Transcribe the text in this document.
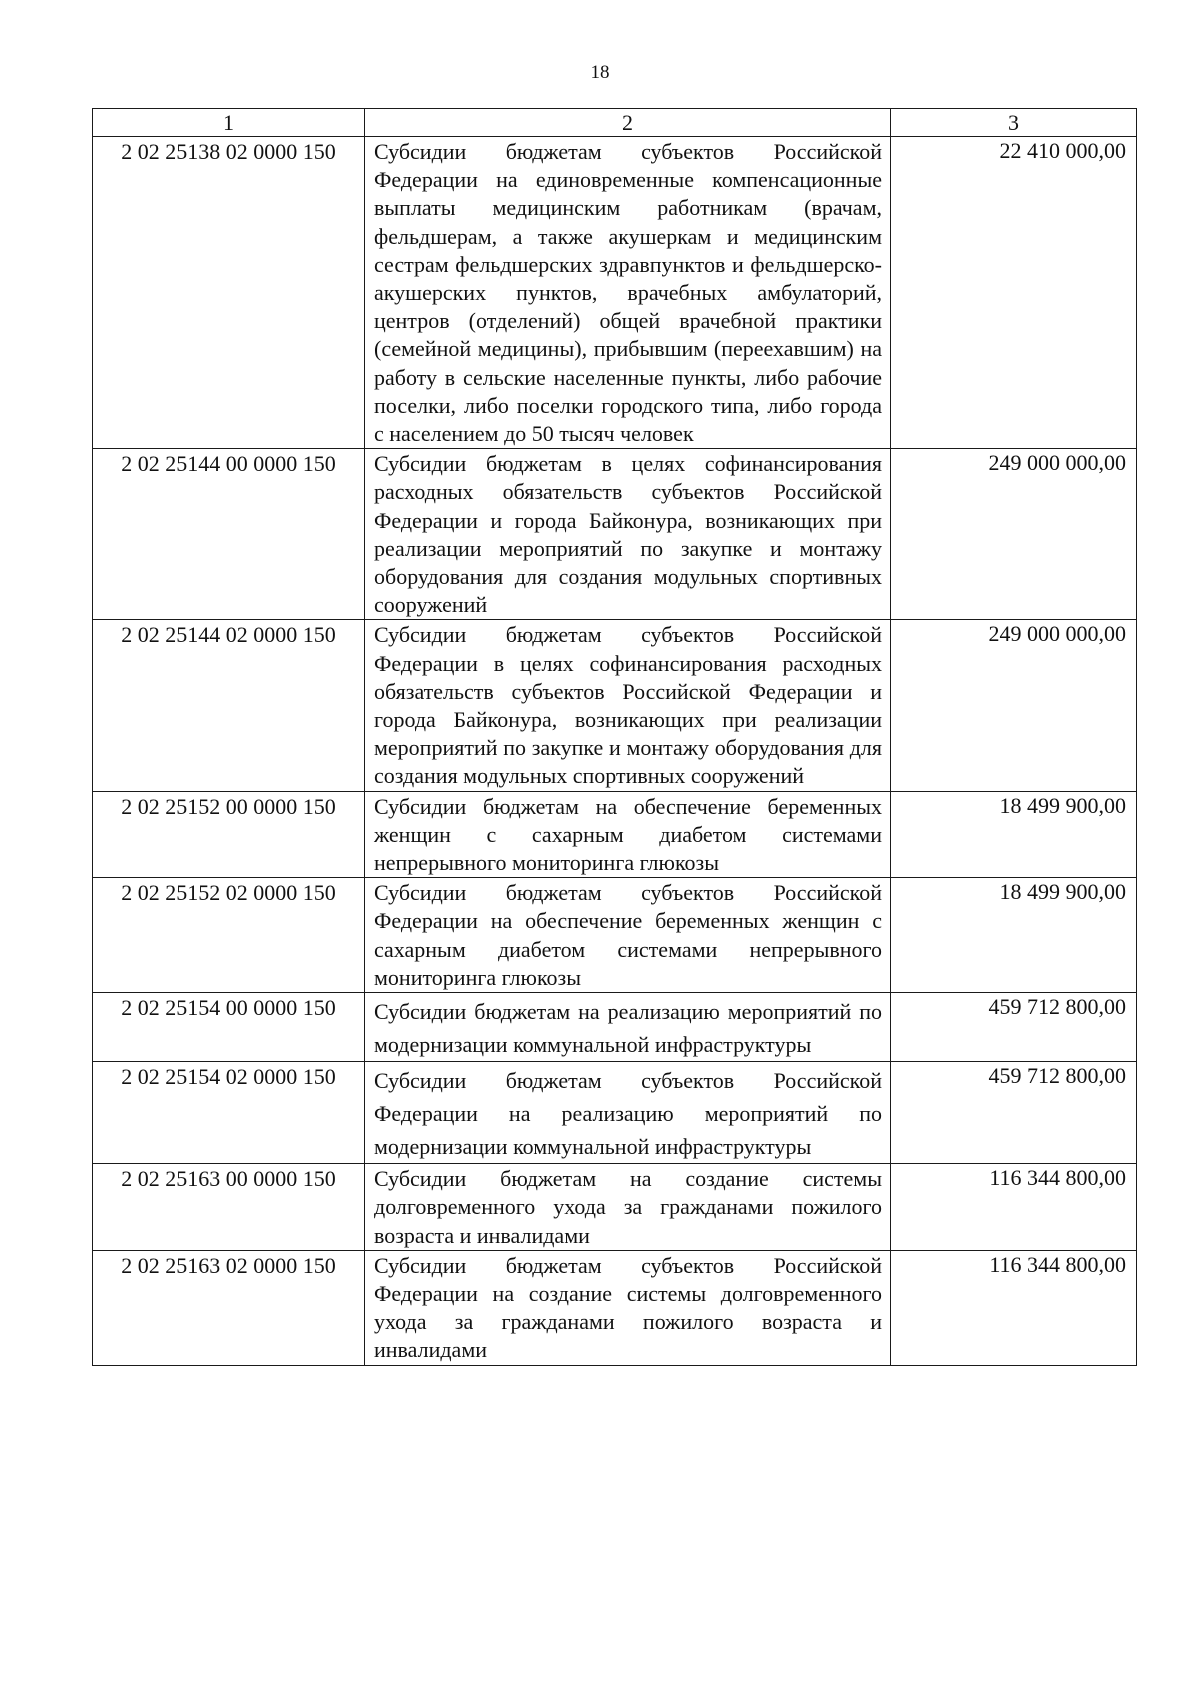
18
1	2	3
2 02 25138 02 0000 150	Субсидии бюджетам субъектов Российской Федерации на единовременные компенсационные выплаты медицинским работникам (врачам, фельдшерам, а также акушеркам и медицинским сестрам фельдшерских здравпунктов и фельдшерско-акушерских пунктов, врачебных амбулаторий, центров (отделений) общей врачебной практики (семейной медицины), прибывшим (переехавшим) на работу в сельские населенные пункты, либо рабочие поселки, либо поселки городского типа, либо города с населением до 50 тысяч человек	22 410 000,00
2 02 25144 00 0000 150	Субсидии бюджетам в целях софинансирования расходных обязательств субъектов Российской Федерации и города Байконура, возникающих при реализации мероприятий по закупке и монтажу оборудования для создания модульных спортивных сооружений	249 000 000,00
2 02 25144 02 0000 150	Субсидии бюджетам субъектов Российской Федерации в целях софинансирования расходных обязательств субъектов Российской Федерации и города Байконура, возникающих при реализации мероприятий по закупке и монтажу оборудования для создания модульных спортивных сооружений	249 000 000,00
2 02 25152 00 0000 150	Субсидии бюджетам на обеспечение беременных женщин с сахарным диабетом системами непрерывного мониторинга глюкозы	18 499 900,00
2 02 25152 02 0000 150	Субсидии бюджетам субъектов Российской Федерации на обеспечение беременных женщин с сахарным диабетом системами непрерывного мониторинга глюкозы	18 499 900,00
2 02 25154 00 0000 150	Субсидии бюджетам на реализацию мероприятий по модернизации коммунальной инфраструктуры	459 712 800,00
2 02 25154 02 0000 150	Субсидии бюджетам субъектов Российской Федерации на реализацию мероприятий по модернизации коммунальной инфраструктуры	459 712 800,00
2 02 25163 00 0000 150	Субсидии бюджетам на создание системы долговременного ухода за гражданами пожилого возраста и инвалидами	116 344 800,00
2 02 25163 02 0000 150	Субсидии бюджетам субъектов Российской Федерации на создание системы долговременного ухода за гражданами пожилого возраста и инвалидами	116 344 800,00
